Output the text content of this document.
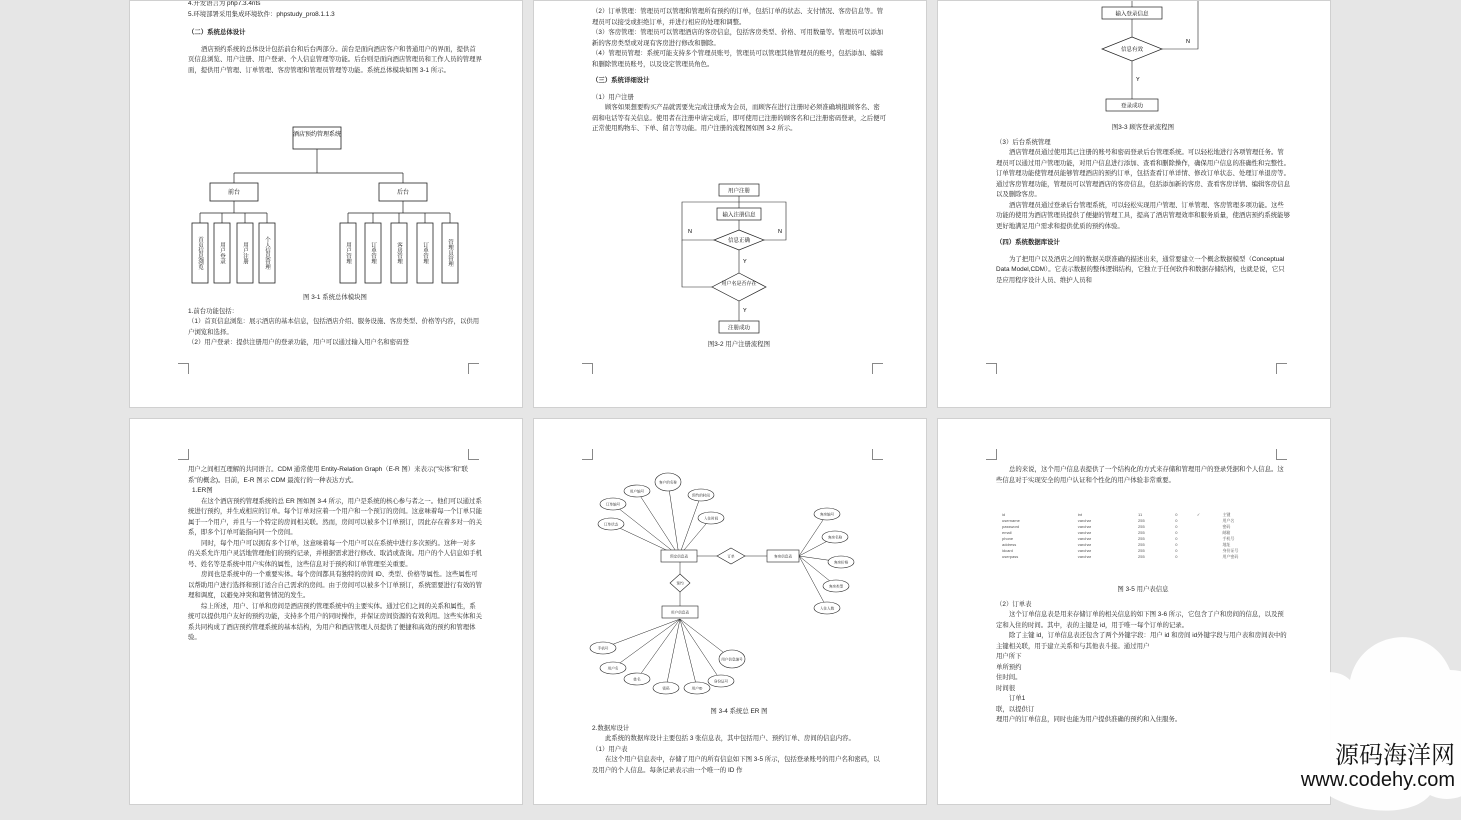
4.开发语言为 php7.3.4nts

5.环境部署采用集成环境软件：phpstudy_pro8.1.1.3

（二）系统总体设计

酒店预约系统的总体设计包括前台和后台两部分。前台是面向酒店客户和普通用户的界面，提供首页信息浏览、用户注册、用户登录、个人信息管理等功能。后台则是面向酒店管理员和工作人员的管理界面，提供用户管理、订单管理、客房管理和管理员管理等功能。系统总体模块如图 3-1 所示。

酒店预约管理系统
前台	后台
首页信息浏览	用户登录	用户注册	个人信息管理	用户管理	订单管理	客房管理	订单管理	管理员管理

图 3-1 系统总体模块图

1.前台功能包括：

（1）首页信息浏览：展示酒店的基本信息，包括酒店介绍、服务设施、客房类型、价格等内容，以供用户浏览和选择。

（2）用户登录：提供注册用户的登录功能，用户可以通过输入用户名和密码登

（2）订单管理：管理员可以管理和管理所有预约的订单，包括订单的状态、支付情况、客房信息等。管理员可以接受或拒绝订单，并进行相应的处理和调整。

（3）客房管理：管理员可以管理酒店的客房信息，包括客房类型、价格、可用数量等。管理员可以添加新的客房类型或对现有客房进行修改和删除。

（4）管理员管理：系统可能支持多个管理员账号，管理员可以管理其他管理员的账号，包括添加、编辑和删除管理员账号，以及设定管理员角色。

（三）系统详细设计

（1）用户注册

顾客如果想要购买产品就需要先完成注册成为会员，而顾客在进行注册时必须准确填报顾客名、密码和电话等有关信息。使用者在注册申请完成后，即可使用已注册的顾客名和已注册密码登录，之后便可正常使用购物车、下单、留言等功能。用户注册的流程图如图 3-2 所示。

用户注册
输入注册信息
信息正确
Y
用户名是否存在
Y
注册成功
N	N

图3-2 用户注册流程图

输入登录信息
信息有效
N
Y
登录成功

图3-3 顾客登录流程图

（3）后台系统管理

酒店管理员通过使用其已注册的账号和密码登录后台管理系统。可以轻松地进行各项管理任务。管理员可以通过用户管理功能，对用户信息进行添加、查看和删除操作，确保用户信息的准确性和完整性。订单管理功能使管理员能够管理酒店的预约订单，包括查看订单详情、修改订单状态、处理订单退房等。通过客房管理功能，管理员可以管理酒店的客房信息，包括添加新的客房、查看客房详情、编辑客房信息以及删除客房。

酒店管理员通过登录后台管理系统，可以轻松实现用户管理、订单管理、客房管理多项功能。这些功能的使用为酒店管理员提供了便捷的管理工具，提高了酒店管理效率和服务质量，使酒店预约系统能够更好地满足用户需求和提供优质的预约体验。

（四）系统数据库设计

为了把用户以及酒店之间的数据关联准确的描述出来，通常要建立一个概念数据模型（Conceptual Data Model,CDM）。它表示数据的整体逻辑结构，它独立于任何软件和数据存储结构，也就是说，它只是应用程序设计人员、维护人员和

用户之间相互理解的共同语言。CDM 通常使用 Entity-Relation Graph（E-R 图）来表示("实体"和"联系"的概念)。目前，E-R 图示 CDM 最流行的一种表达方式。

1.ER图

在这个酒店预约管理系统的总 ER 图如图 3-4 所示，用户是系统的核心参与者之一。他们可以通过系统进行预约，并生成相应的订单。每个订单对应着一个用户和一个预订的房间。这意味着每一个订单只能属于一个用户，并且与一个特定的房间相关联。然而，房间可以被多个订单预订，因此存在着多对一的关系，即多个订单可能指向同一个房间。

同时，每个用户可以拥有多个订单，这意味着每一个用户可以在系统中进行多次预约。这种一对多的关系允许用户灵活地管理他们的预约记录，并根据需求进行修改、取消或查询。用户的个人信息如手机号、姓名等是系统中用户实体的属性，这些信息对于预约和订单管理至关重要。

房间也是系统中的一个重要实体。每个房间都具有独特的房间 ID、类型、价格等属性。这些属性可以帮助用户进行选择和预订适合自己需求的房间。由于房间可以被多个订单预订，系统需要进行有效的管理和调度，以避免冲突和超售情况的发生。

综上所述，用户、订单和房间是酒店预约管理系统中的主要实体。通过它们之间的关系和属性，系统可以提供用户友好的预约功能，支持多个用户的同时操作，并保证房间资源的有效利用。这些实体和关系共同构成了酒店预约管理系统的基本结构，为用户和酒店管理人员提供了便捷和高效的预约和管理体验。

订单编号
订单状态
用户编号
客户的名称
预约的时间
入住时间
预定信息表	订单	客房信息表
客房编号
客房名称
客房价格
客房类型
入住人数
预约
用户信息表
手机号
用户名
姓名
密码	用户ID
身份证号
用户信息编号

图 3-4 系统总 ER 图

2.数据库设计

此系统的数据库设计主要包括 3 张信息表，其中包括用户、预约订单、房间的信息内容。

（1）用户表

在这个用户信息表中，存储了用户的所有信息如下图 3-5 所示，包括登录账号的用户名和密码，以及用户的个人信息。每条记录表示由一个唯一的 ID 作

总的来说，这个用户信息表提供了一个结构化的方式来存储和管理用户的登录凭据和个人信息。这些信息对于实现安全的用户认证和个性化的用户体验非常重要。

id	int	11	0	✓	主键
username	varchar	255	0		用户名
password	varchar	255	0		密码
email	varchar	255	0		邮箱
phone	varchar	255	0		手机号
address	varchar	255	0		地址
idcard	varchar	255	0		身份证号
userpass	varchar	255	0		用户密码

图 3-5 用户表信息

（2）订单表

这个订单信息表是用来存储订单的相关信息的如下图 3-6 所示，它包含了户和房间的信息，以及预定和入住的时间。其中，表的主键是 id，用于唯一每个订单的记录。

除了主键 id，订单信息表还包含了两个外键字段：用户 id 和房间 id外键字段与用户表和房间表中的主键相关联，用于建立关系和与其他表斗接。通过用户

用户所下

单所预约

住时间。

时间很

订单1

联，以提供订

理用户的订单信息，同时也能为用户提供准确的预约和入住服务。

源码海洋网
www.codehy.com
